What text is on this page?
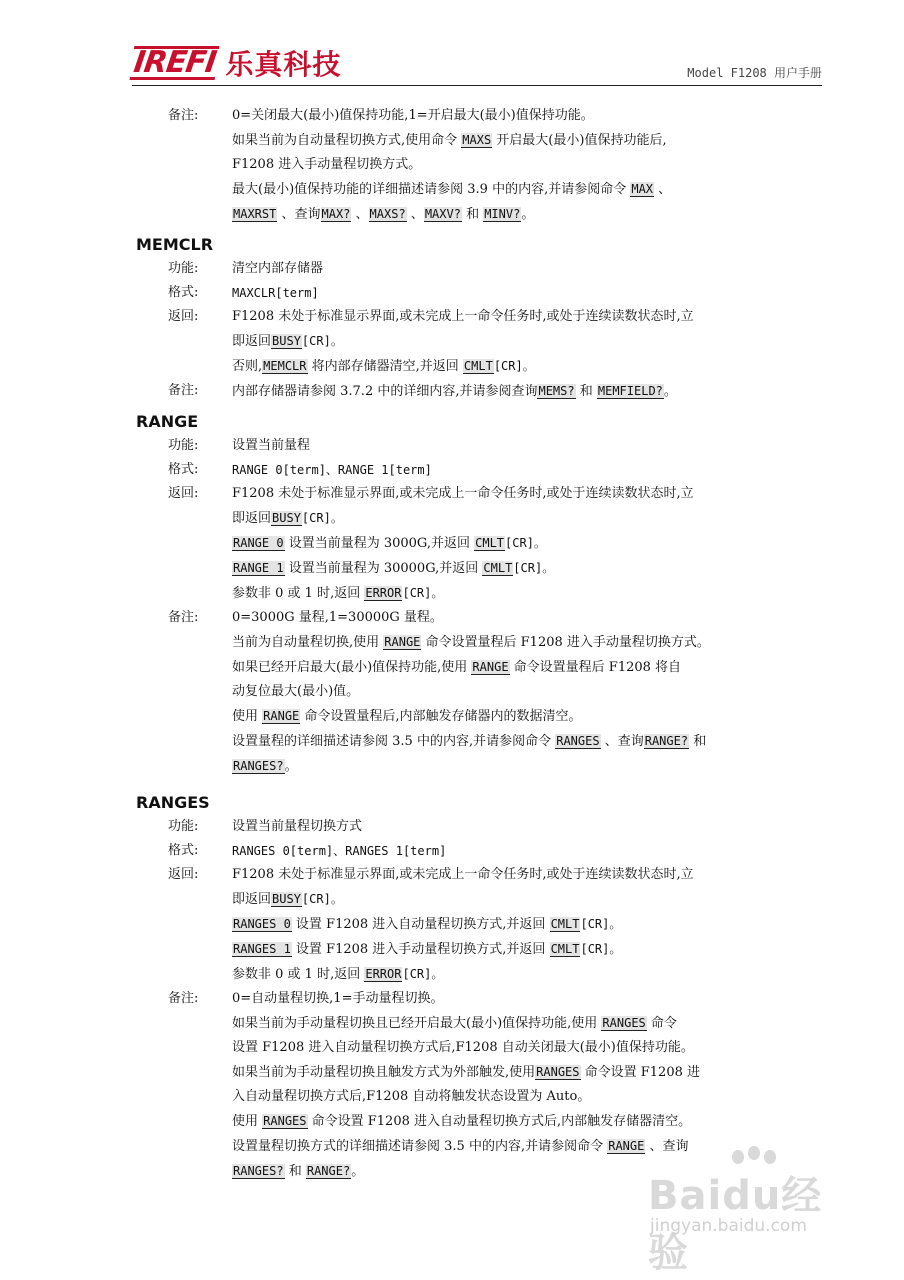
IREFI 乐真科技	Model F1208 用户手册
备注:	0=关闭最大(最小)值保持功能,1=开启最大(最小)值保持功能。
如果当前为自动量程切换方式,使用命令 MAXS 开启最大(最小)值保持功能后,
F1208 进入手动量程切换方式。
最大(最小)值保持功能的详细描述请参阅 3.9 中的内容,并请参阅命令 MAX 、
MAXRST 、查询MAX? 、MAXS? 、MAXV? 和 MINV?。
MEMCLR
功能:	清空内部存储器
格式:	MAXCLR[term]
返回:	F1208 未处于标准显示界面,或未完成上一命令任务时,或处于连续读数状态时,立
即返回BUSY[CR]。
否则,MEMCLR 将内部存储器清空,并返回 CMLT[CR]。
备注:	内部存储器请参阅 3.7.2 中的详细内容,并请参阅查询MEMS? 和 MEMFIELD?。
RANGE
功能:	设置当前量程
格式:	RANGE 0[term]、RANGE 1[term]
返回:	F1208 未处于标准显示界面,或未完成上一命令任务时,或处于连续读数状态时,立
即返回BUSY[CR]。
RANGE 0 设置当前量程为 3000G,并返回 CMLT[CR]。
RANGE 1 设置当前量程为 30000G,并返回 CMLT[CR]。
参数非 0 或 1 时,返回 ERROR[CR]。
备注:	0=3000G 量程,1=30000G 量程。
当前为自动量程切换,使用 RANGE 命令设置量程后 F1208 进入手动量程切换方式。
如果已经开启最大(最小)值保持功能,使用 RANGE 命令设置量程后 F1208 将自
动复位最大(最小)值。
使用 RANGE 命令设置量程后,内部触发存储器内的数据清空。
设置量程的详细描述请参阅 3.5 中的内容,并请参阅命令 RANGES 、查询RANGE? 和
RANGES?。
RANGES
功能:	设置当前量程切换方式
格式:	RANGES 0[term]、RANGES 1[term]
返回:	F1208 未处于标准显示界面,或未完成上一命令任务时,或处于连续读数状态时,立
即返回BUSY[CR]。
RANGES 0 设置 F1208 进入自动量程切换方式,并返回 CMLT[CR]。
RANGES 1 设置 F1208 进入手动量程切换方式,并返回 CMLT[CR]。
参数非 0 或 1 时,返回 ERROR[CR]。
备注:	0=自动量程切换,1=手动量程切换。
如果当前为手动量程切换且已经开启最大(最小)值保持功能,使用 RANGES 命令
设置 F1208 进入自动量程切换方式后,F1208 自动关闭最大(最小)值保持功能。
如果当前为手动量程切换且触发方式为外部触发,使用RANGES 命令设置 F1208 进
入自动量程切换方式后,F1208 自动将触发状态设置为 Auto。
使用 RANGES 命令设置 F1208 进入自动量程切换方式后,内部触发存储器清空。
设置量程切换方式的详细描述请参阅 3.5 中的内容,并请参阅命令 RANGE 、查询
RANGES? 和 RANGE?。
Baidu经验
jingyan.baidu.com
